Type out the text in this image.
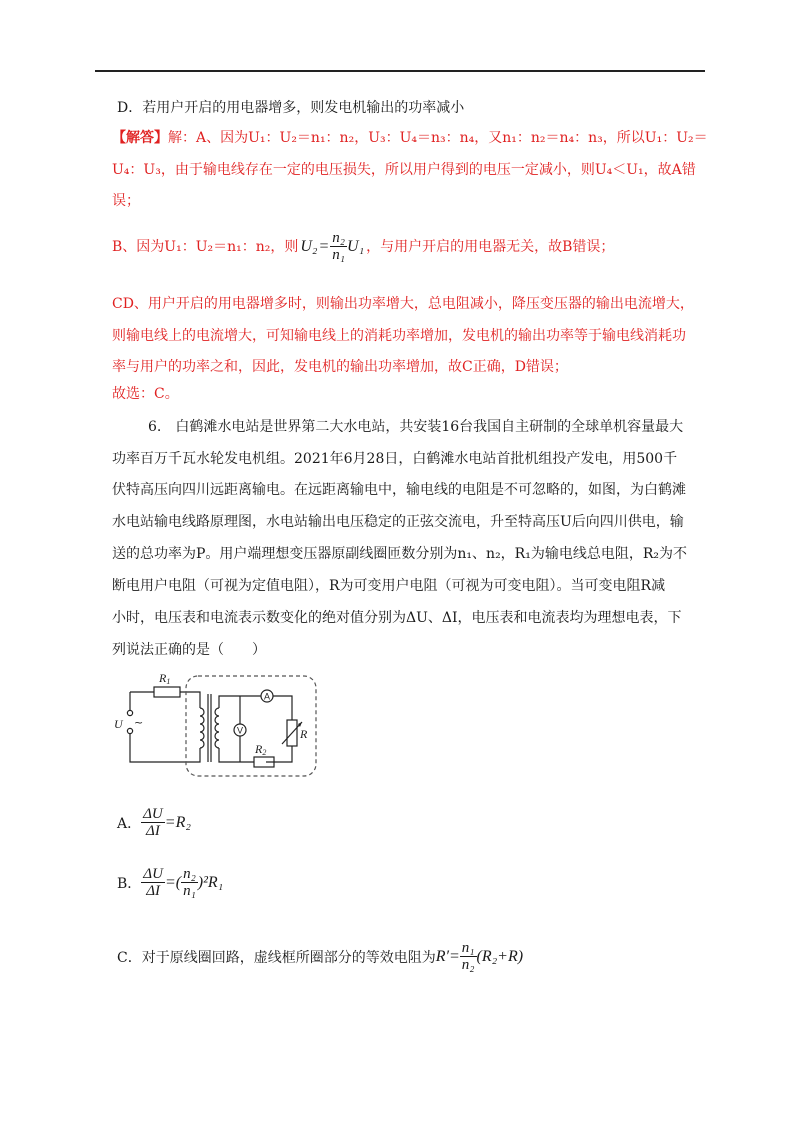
D．若用户开启的用电器增多，则发电机输出的功率减小
【解答】解：A、因为U₁：U₂＝n₁：n₂，U₃：U₄＝n₃：n₄，又n₁：n₂＝n₄：n₃，所以U₁：U₂＝
U₄：U₃，由于输电线存在一定的电压损失，所以用户得到的电压一定减小，则U₄＜U₁，故A错
误；
B、因为U₁：U₂＝n₁：n₂，则 $U_2 = \frac{\text{n₂}}{\text{n₁}} U_1$ ，与用户开启的用电器无关，故B错误；
CD、用户开启的用电器增多时，则输出功率增大，总电阻减小，降压变压器的输出电流增大，
则输电线上的电流增大，可知输电线上的消耗功率增加，发电机的输出功率等于输电线消耗功
率与用户的功率之和，因此，发电机的输出功率增加，故C正确，D错误；
故选：C。
6.　白鹤滩水电站是世界第二大水电站，共安装16台我国自主研制的全球单机容量最大
功率百万千瓦水轮发电机组。2021年6月28日，白鹤滩水电站首批机组投产发电，用500千
伏特高压向四川远距离输电。在远距离输电中，输电线的电阻是不可忽略的，如图，为白鹤滩
水电站输电线路原理图，水电站输出电压稳定的正弦交流电，升至特高压U后向四川供电，输
送的总功率为P。用户端理想变压器原副线圈匝数分别为n₁、n₂，R₁为输电线总电阻，R₂为不
断电用户电阻（可视为定值电阻），R为可变用户电阻（可视为可变电阻）。当可变电阻R减
小时，电压表和电流表示数变化的绝对值分别为ΔU、ΔI，电压表和电流表均为理想电表，下
列说法正确的是（　　）
R1
R2
R
U ~
A
V
A． $\frac{\Delta U}{\Delta I} =R_2$
B． $\frac{\Delta U}{\Delta I}$ =( $\frac{\text{n₂}}{\text{n₁}} )^2R_1$
C． 对于原线圈回路，虚线框所圈部分的等效电阻为 $R'= \frac{\text{n₁}}{\text{n₂}} (R_2+R)$
